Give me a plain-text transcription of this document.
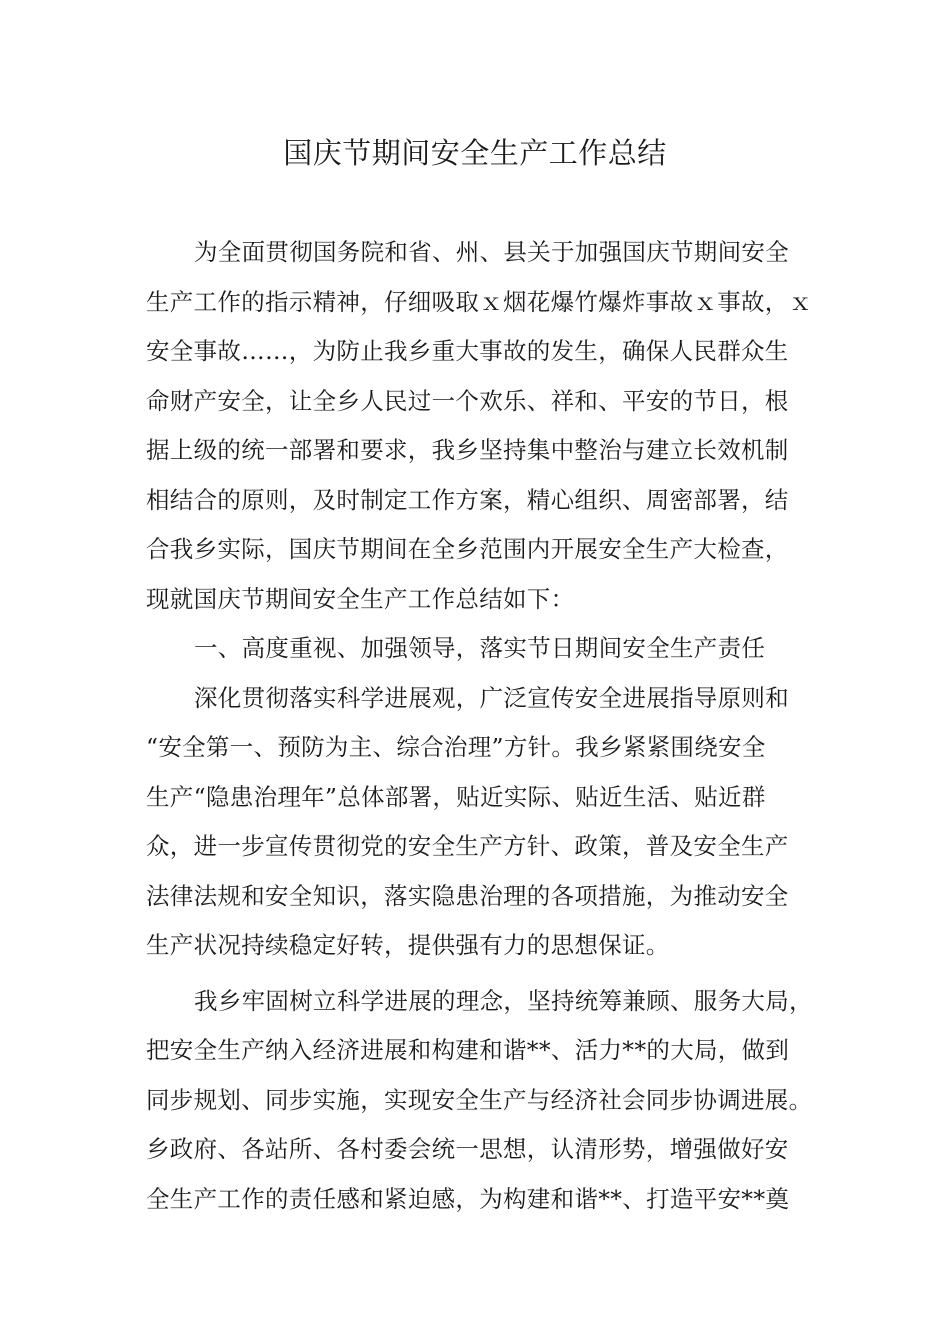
国庆节期间安全生产工作总结
为全面贯彻国务院和省、州、县关于加强国庆节期间安全
生产工作的指示精神，仔细吸取ｘ烟花爆竹爆炸事故ｘ事故，ｘ
安全事故……，为防止我乡重大事故的发生，确保人民群众生
命财产安全，让全乡人民过一个欢乐、祥和、平安的节日，根
据上级的统一部署和要求，我乡坚持集中整治与建立长效机制
相结合的原则，及时制定工作方案，精心组织、周密部署，结
合我乡实际，国庆节期间在全乡范围内开展安全生产大检查，
现就国庆节期间安全生产工作总结如下：
一、高度重视、加强领导，落实节日期间安全生产责任
深化贯彻落实科学进展观，广泛宣传安全进展指导原则和
“安全第一、预防为主、综合治理”方针。我乡紧紧围绕安全
生产“隐患治理年”总体部署，贴近实际、贴近生活、贴近群
众，进一步宣传贯彻党的安全生产方针、政策，普及安全生产
法律法规和安全知识，落实隐患治理的各项措施，为推动安全
生产状况持续稳定好转，提供强有力的思想保证。
我乡牢固树立科学进展的理念，坚持统筹兼顾、服务大局，
把安全生产纳入经济进展和构建和谐**、活力**的大局，做到
同步规划、同步实施，实现安全生产与经济社会同步协调进展。
乡政府、各站所、各村委会统一思想，认清形势，增强做好安
全生产工作的责任感和紧迫感，为构建和谐**、打造平安**奠
